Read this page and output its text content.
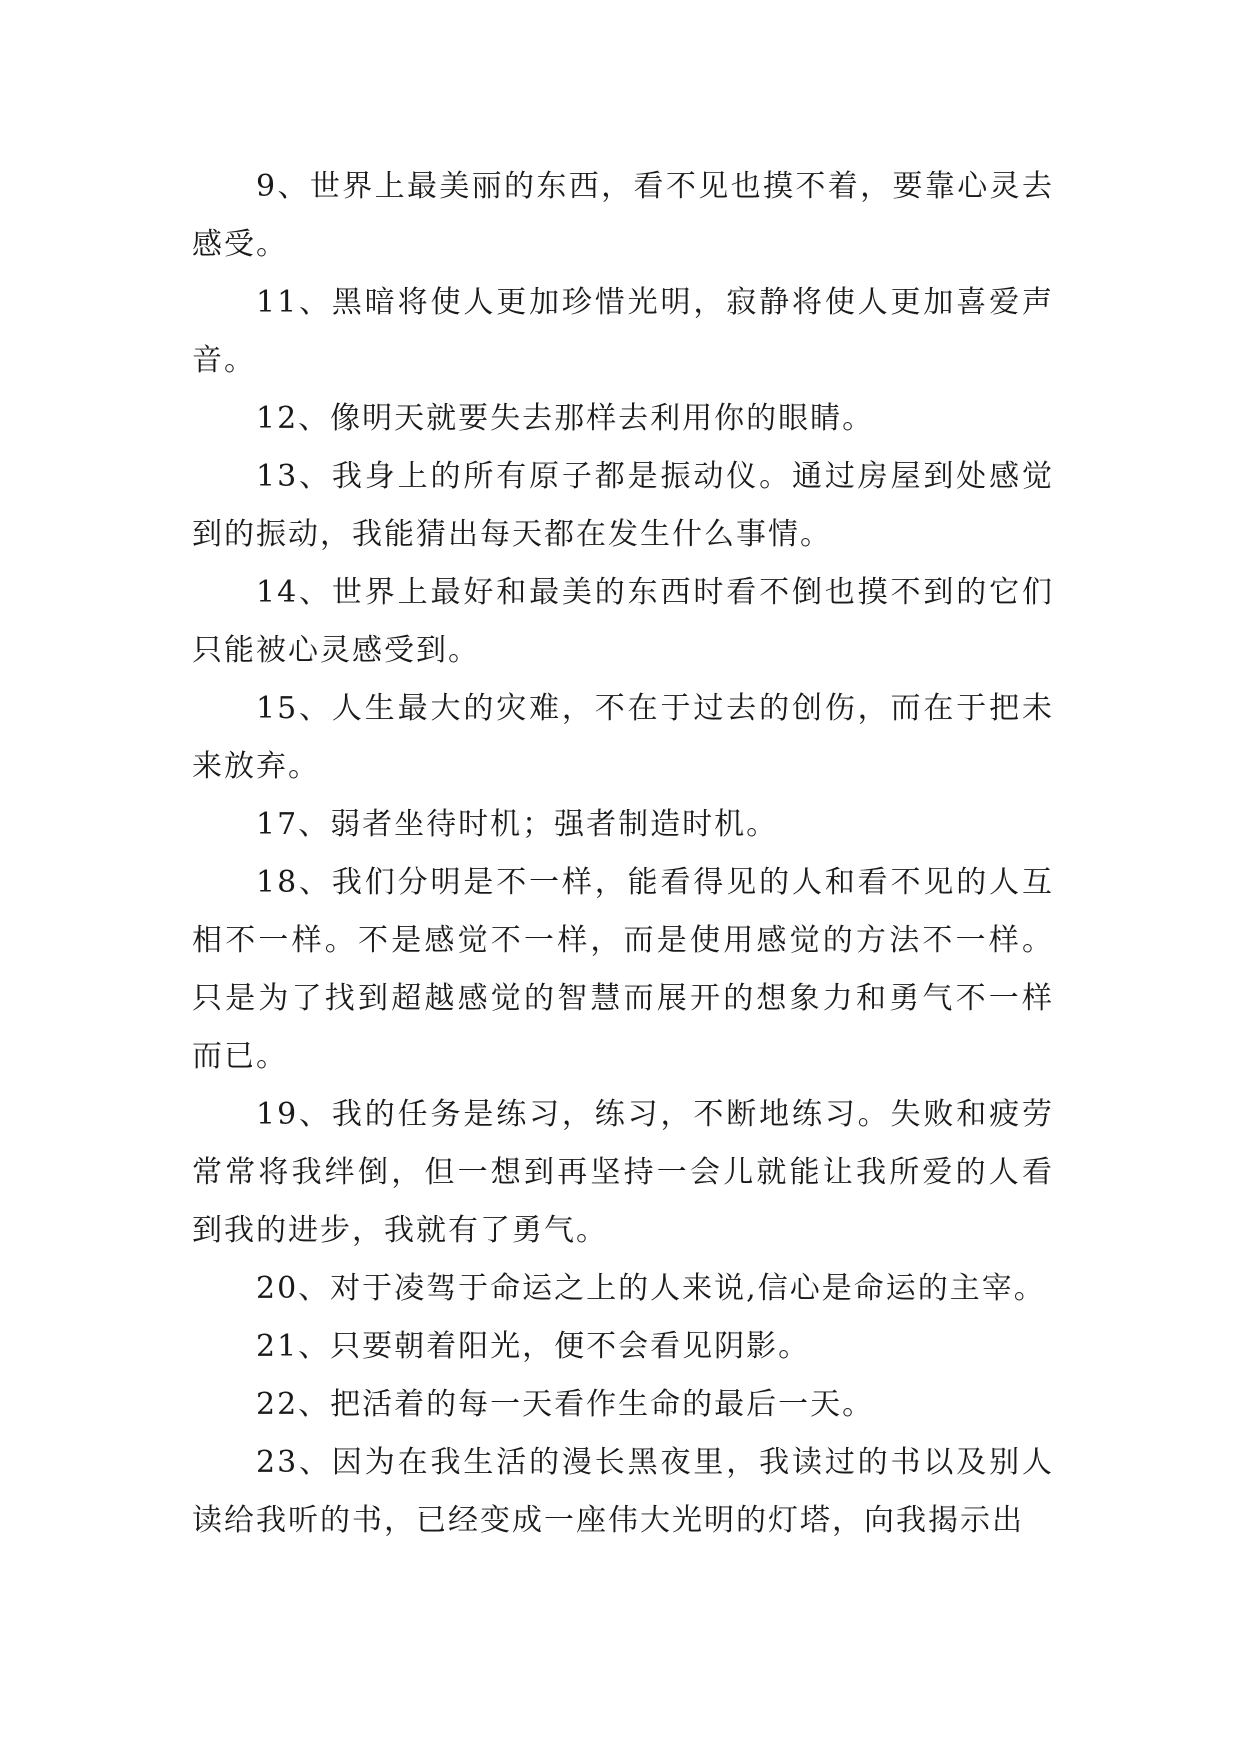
9、世界上最美丽的东西，看不见也摸不着，要靠心灵去感受。

11、黑暗将使人更加珍惜光明，寂静将使人更加喜爱声音。

12、像明天就要失去那样去利用你的眼睛。

13、我身上的所有原子都是振动仪。通过房屋到处感觉到的振动，我能猜出每天都在发生什么事情。

14、世界上最好和最美的东西时看不倒也摸不到的它们只能被心灵感受到。

15、人生最大的灾难，不在于过去的创伤，而在于把未来放弃。

17、弱者坐待时机；强者制造时机。

18、我们分明是不一样，能看得见的人和看不见的人互相不一样。不是感觉不一样，而是使用感觉的方法不一样。只是为了找到超越感觉的智慧而展开的想象力和勇气不一样而已。

19、我的任务是练习，练习，不断地练习。失败和疲劳常常将我绊倒，但一想到再坚持一会儿就能让我所爱的人看到我的进步，我就有了勇气。

20、对于凌驾于命运之上的人来说,信心是命运的主宰。

21、只要朝着阳光，便不会看见阴影。

22、把活着的每一天看作生命的最后一天。

23、因为在我生活的漫长黑夜里，我读过的书以及别人读给我听的书，已经变成一座伟大光明的灯塔，向我揭示出
